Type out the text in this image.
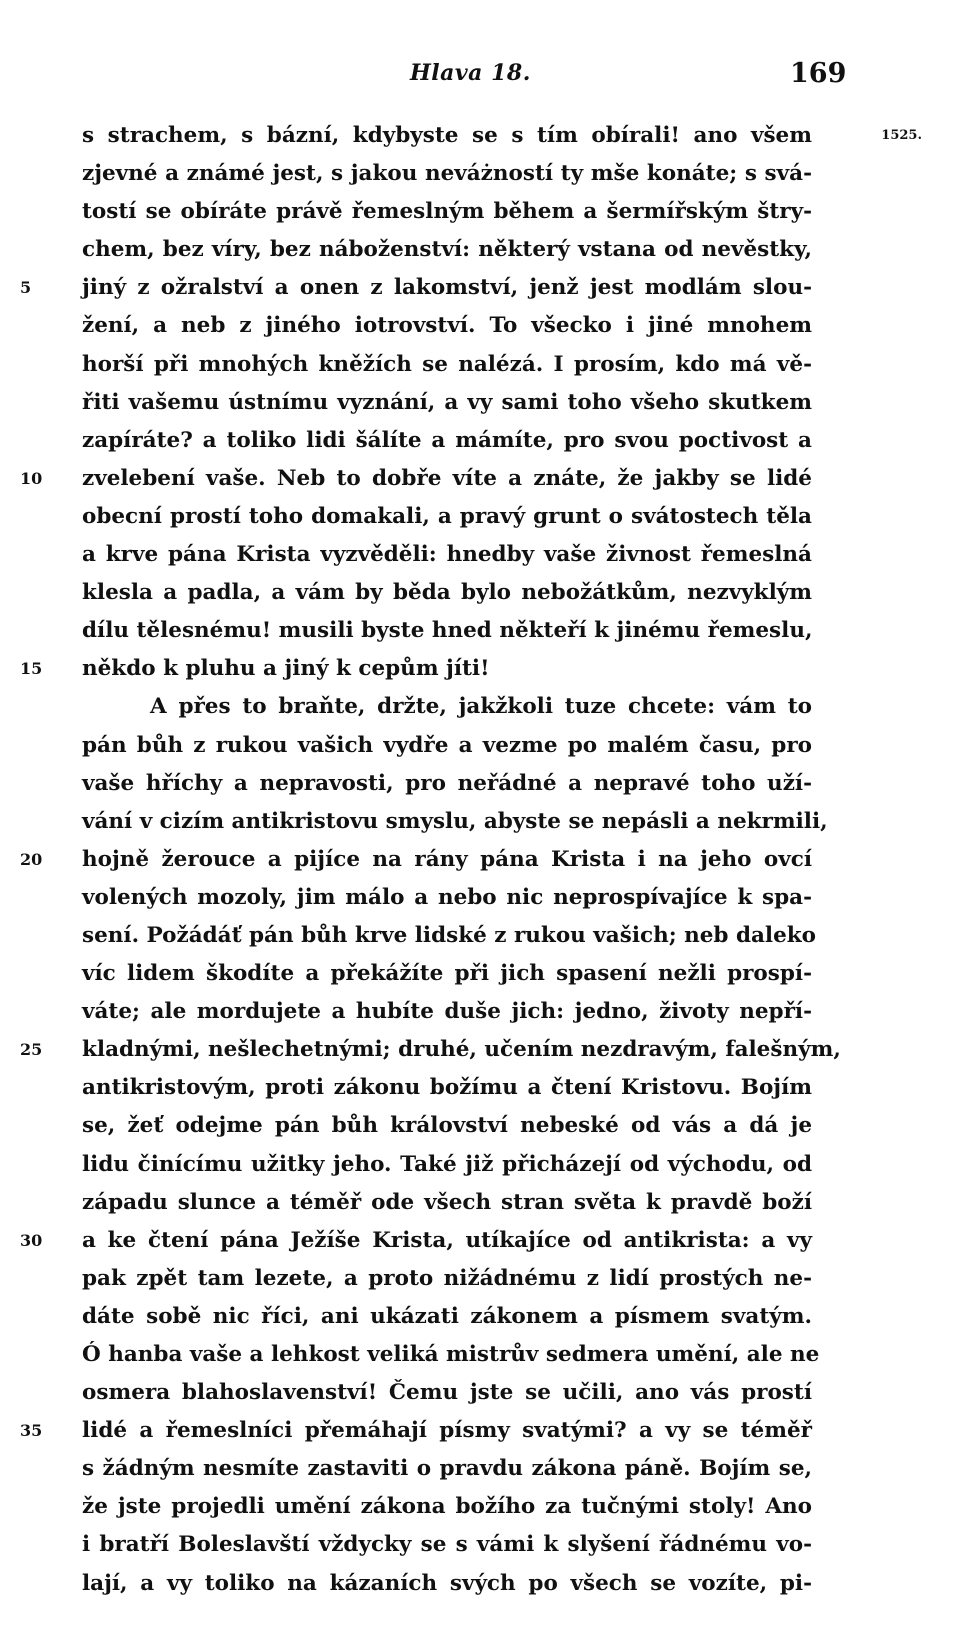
Hlava 18.	169
s strachem, s bázní, kdybyste se s tím obírali! ano všem	1525.
zjevné a známé jest, s jakou neváżností ty mše konáte; s svá-
tostí se obíráte právě řemeslným během a šermířským štry-
chem, bez víry, bez náboženství: některý vstana od nevěstky,
5	jiný z ožralství a onen z lakomství, jenž jest modlám slou-
žení, a neb z jiného iotrovství. To všecko i jiné mnohem
horší při mnohých kněžích se nalézá. I prosím, kdo má vě-
řiti vašemu ústnímu vyznání, a vy sami toho všeho skutkem
zapíráte? a toliko lidi šálíte a mámíte, pro svou poctivost a
10	zvelebení vaše. Neb to dobře víte a znáte, že jakby se lidé
obecní prostí toho domakali, a pravý grunt o svátostech těla
a krve pána Krista vyzvěděli: hnedby vaše živnost řemeslná
klesla a padla, a vám by běda bylo nebožátkům, nezvyklým
dílu tělesnému! musili byste hned někteří k jinému řemeslu,
15	někdo k pluhu a jiný k cepům jíti!
A přes to braňte, držte, jakžkoli tuze chcete: vám to
pán bůh z rukou vašich vydře a vezme po malém času, pro
vaše hříchy a nepravosti, pro neřádné a nepravé toho uží-
vání v cizím antikristovu smyslu, abyste se nepásli a nekrmili,
20	hojně žerouce a pijíce na rány pána Krista i na jeho ovcí
volených mozoly, jim málo a nebo nic neprospívajíce k spa-
sení. Požádáť pán bůh krve lidské z rukou vašich; neb daleko
víc lidem škodíte a překážíte při jich spasení nežli prospí-
váte; ale mordujete a hubíte duše jich: jedno, životy nepří-
25	kladnými, nešlechetnými; druhé, učením nezdravým, falešným,
antikristovým, proti zákonu božímu a čtení Kristovu. Bojím
se, žeť odejme pán bůh království nebeské od vás a dá je
lidu činícímu užitky jeho. Také již přicházejí od východu, od
západu slunce a téměř ode všech stran světa k pravdě boží
30	a ke čtení pána Ježíše Krista, utíkajíce od antikrista: a vy
pak zpět tam lezete, a proto nižádnému z lidí prostých ne-
dáte sobě nic říci, ani ukázati zákonem a písmem svatým.
Ó hanba vaše a lehkost veliká mistrův sedmera umění, ale ne
osmera blahoslavenství! Čemu jste se učili, ano vás prostí
35	lidé a řemeslníci přemáhají písmy svatými? a vy se téměř
s žádným nesmíte zastaviti o pravdu zákona páně. Bojím se,
že jste projedli umění zákona božího za tučnými stoly! Ano
i bratří Boleslavští vždycky se s vámi k slyšení řádnému vo-
lají, a vy toliko na kázaních svých po všech se vozíte, pi-
